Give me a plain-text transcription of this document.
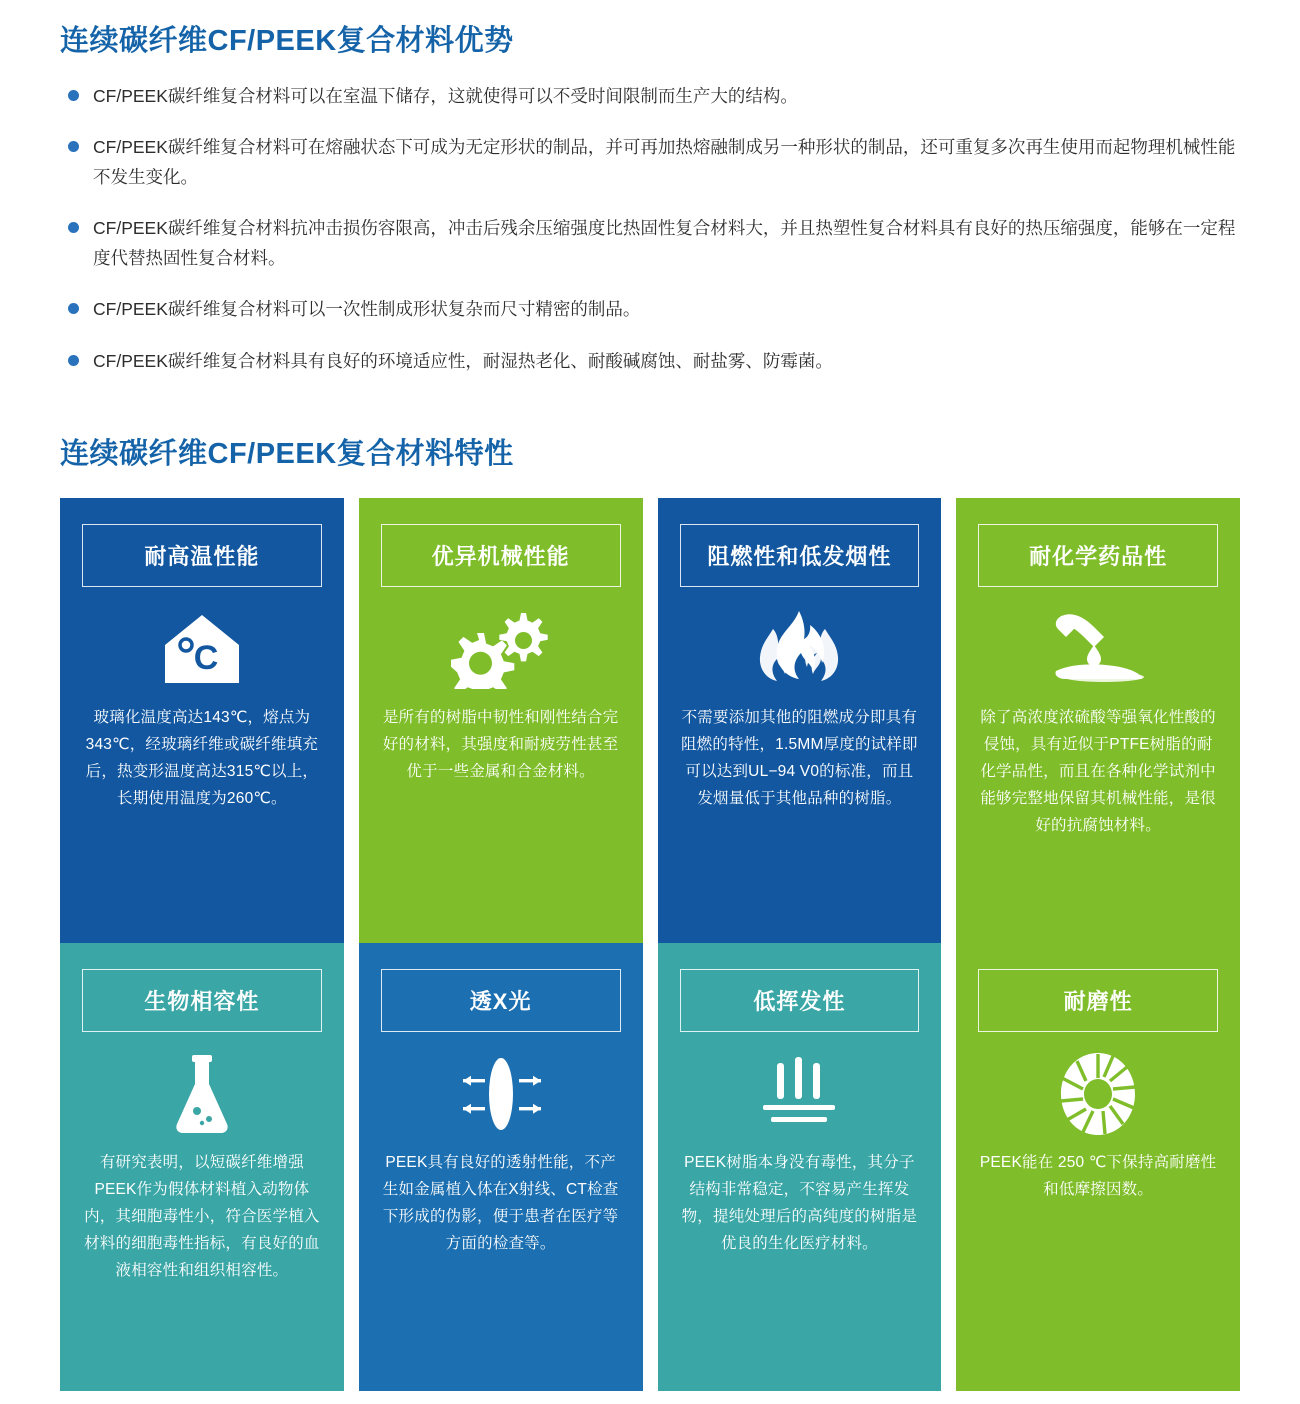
连续碳纤维CF/PEEK复合材料优势
CF/PEEK碳纤维复合材料可以在室温下储存，这就使得可以不受时间限制而生产大的结构。
CF/PEEK碳纤维复合材料可在熔融状态下可成为无定形状的制品，并可再加热熔融制成另一种形状的制品，还可重复多次再生使用而起物理机械性能不发生变化。
CF/PEEK碳纤维复合材料抗冲击损伤容限高，冲击后残余压缩强度比热固性复合材料大，并且热塑性复合材料具有良好的热压缩强度，能够在一定程度代替热固性复合材料。
CF/PEEK碳纤维复合材料可以一次性制成形状复杂而尺寸精密的制品。
CF/PEEK碳纤维复合材料具有良好的环境适应性，耐湿热老化、耐酸碱腐蚀、耐盐雾、防霉菌。
连续碳纤维CF/PEEK复合材料特性
耐高温性能
C
玻璃化温度高达143℃，熔点为343℃，经玻璃纤维或碳纤维填充后，热变形温度高达315℃以上，长期使用温度为260℃。
优异机械性能
是所有的树脂中韧性和刚性结合完好的材料，其强度和耐疲劳性甚至优于一些金属和合金材料。
阻燃性和低发烟性
不需要添加其他的阻燃成分即具有阻燃的特性，1.5MM厚度的试样即可以达到UL−94 V0的标准，而且发烟量低于其他品种的树脂。
耐化学药品性
除了高浓度浓硫酸等强氧化性酸的侵蚀，具有近似于PTFE树脂的耐化学品性，而且在各种化学试剂中能够完整地保留其机械性能，是很好的抗腐蚀材料。
生物相容性
有研究表明，以短碳纤维增强PEEK作为假体材料植入动物体内，其细胞毒性小，符合医学植入材料的细胞毒性指标，有良好的血液相容性和组织相容性。
透X光
PEEK具有良好的透射性能，不产生如金属植入体在X射线、CT检查下形成的伪影，便于患者在医疗等方面的检查等。
低挥发性
PEEK树脂本身没有毒性，其分子结构非常稳定，不容易产生挥发物，提纯处理后的高纯度的树脂是优良的生化医疗材料。
耐磨性
PEEK能在 250 ℃下保持高耐磨性和低摩擦因数。
